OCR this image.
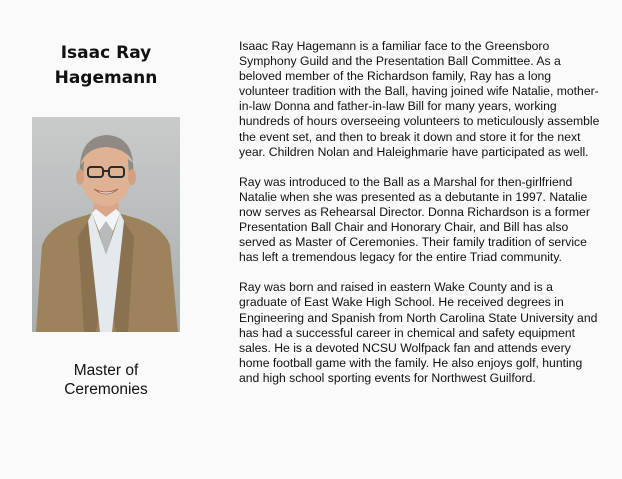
Isaac Ray
Hagemann
Master of
Ceremonies

Isaac Ray Hagemann is a familiar face to the Greensboro Symphony Guild and the Presentation Ball Committee. As a beloved member of the Richardson family, Ray has a long volunteer tradition with the Ball, having joined wife Natalie, mother-in-law Donna and father-in-law Bill for many years, working hundreds of hours overseeing volunteers to meticulously assemble the event set, and then to break it down and store it for the next year. Children Nolan and Haleighmarie have participated as well.

Ray was introduced to the Ball as a Marshal for then-girlfriend Natalie when she was presented as a debutante in 1997. Natalie now serves as Rehearsal Director. Donna Richardson is a former Presentation Ball Chair and Honorary Chair, and Bill has also served as Master of Ceremonies. Their family tradition of service has left a tremendous legacy for the entire Triad community.

Ray was born and raised in eastern Wake County and is a graduate of East Wake High School. He received degrees in Engineering and Spanish from North Carolina State University and has had a successful career in chemical and safety equipment sales. He is a devoted NCSU Wolfpack fan and attends every home football game with the family. He also enjoys golf, hunting and high school sporting events for Northwest Guilford.
